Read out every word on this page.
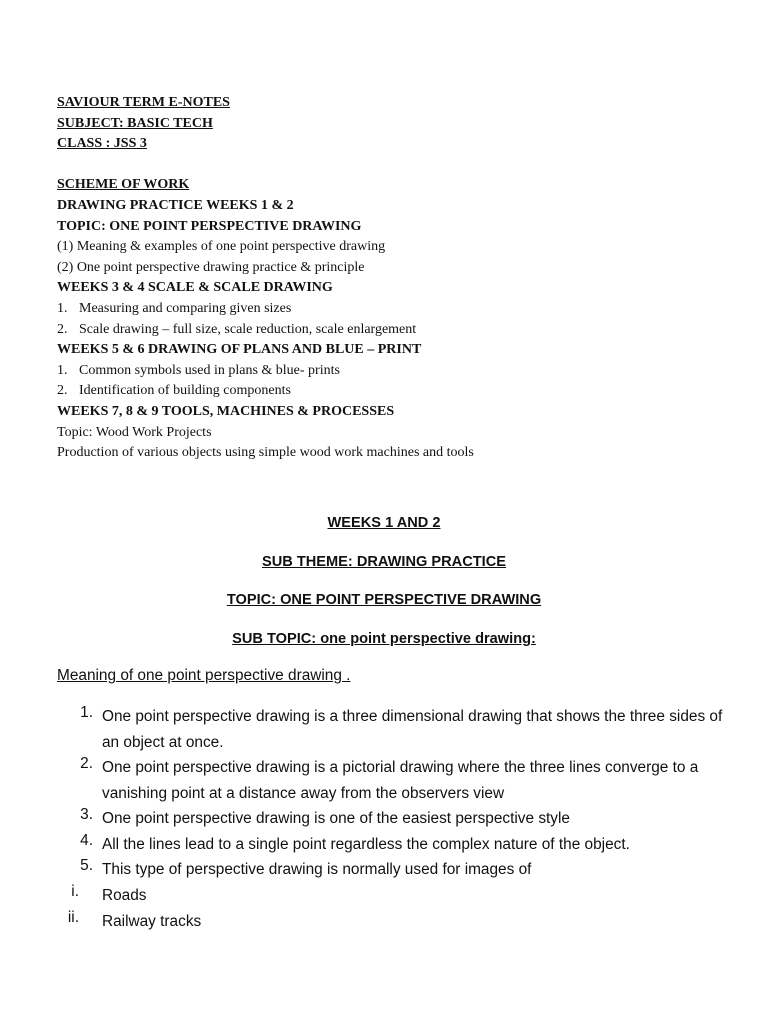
SAVIOUR TERM E-NOTES
SUBJECT: BASIC TECH
CLASS : JSS 3
SCHEME OF WORK
DRAWING PRACTICE WEEKS 1 & 2
TOPIC: ONE POINT PERSPECTIVE DRAWING
(1) Meaning & examples of one point perspective drawing
(2) One point perspective drawing practice & principle
WEEKS 3 & 4 SCALE & SCALE DRAWING
1. Measuring and comparing given sizes
2. Scale drawing – full size, scale reduction, scale enlargement
WEEKS 5 & 6 DRAWING OF PLANS AND BLUE – PRINT
1. Common symbols used in plans & blue- prints
2. Identification of building components
WEEKS 7, 8 & 9 TOOLS, MACHINES & PROCESSES
Topic: Wood Work Projects
Production of various objects using simple wood work machines and tools
WEEKS 1 AND 2
SUB THEME: DRAWING PRACTICE
TOPIC: ONE POINT PERSPECTIVE DRAWING
SUB TOPIC: one point perspective drawing:
Meaning of one point perspective drawing .
1. One point perspective drawing is a three dimensional drawing that shows the three sides of an object at once.
2. One point perspective drawing is a pictorial drawing where the three lines converge to a vanishing point at a distance away from the observers view
3. One point perspective drawing is one of the easiest perspective style
4. All the lines lead to a single point regardless the complex nature of the object.
5. This type of perspective drawing is normally used for images of
i. Roads
ii. Railway tracks
